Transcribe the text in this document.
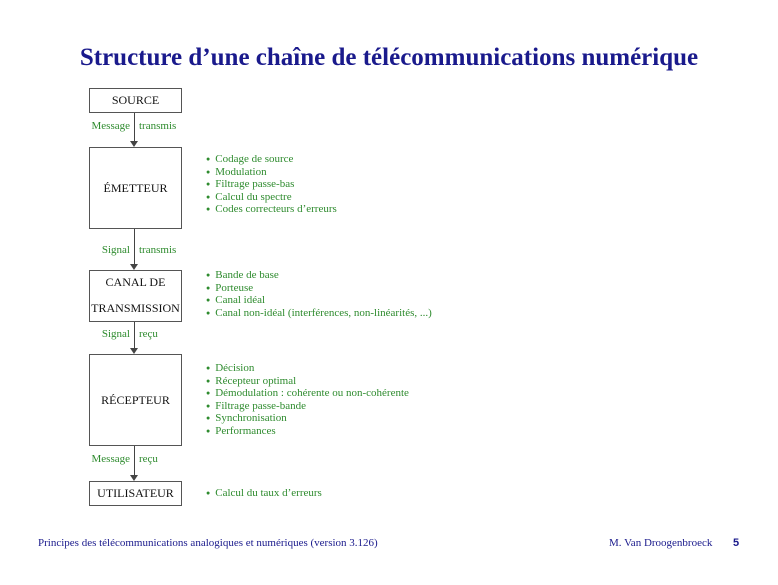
Structure d’une chaîne de télécommunications numérique
SOURCE
ÉMETTEUR
CANAL DE
TRANSMISSION
RÉCEPTEUR
UTILISATEUR
Message transmis
Signal transmis
Signal reçu
Message reçu
● Codage de source
● Modulation
● Filtrage passe-bas
● Calcul du spectre
● Codes correcteurs d’erreurs
● Bande de base
● Porteuse
● Canal idéal
● Canal non-idéal (interférences, non-linéarités, ...)
● Décision
● Récepteur optimal
● Démodulation : cohérente ou non-cohérente
● Filtrage passe-bande
● Synchronisation
● Performances
● Calcul du taux d’erreurs
Principes des télécommunications analogiques et numériques (version 3.126)	M. Van Droogenbroeck 5
